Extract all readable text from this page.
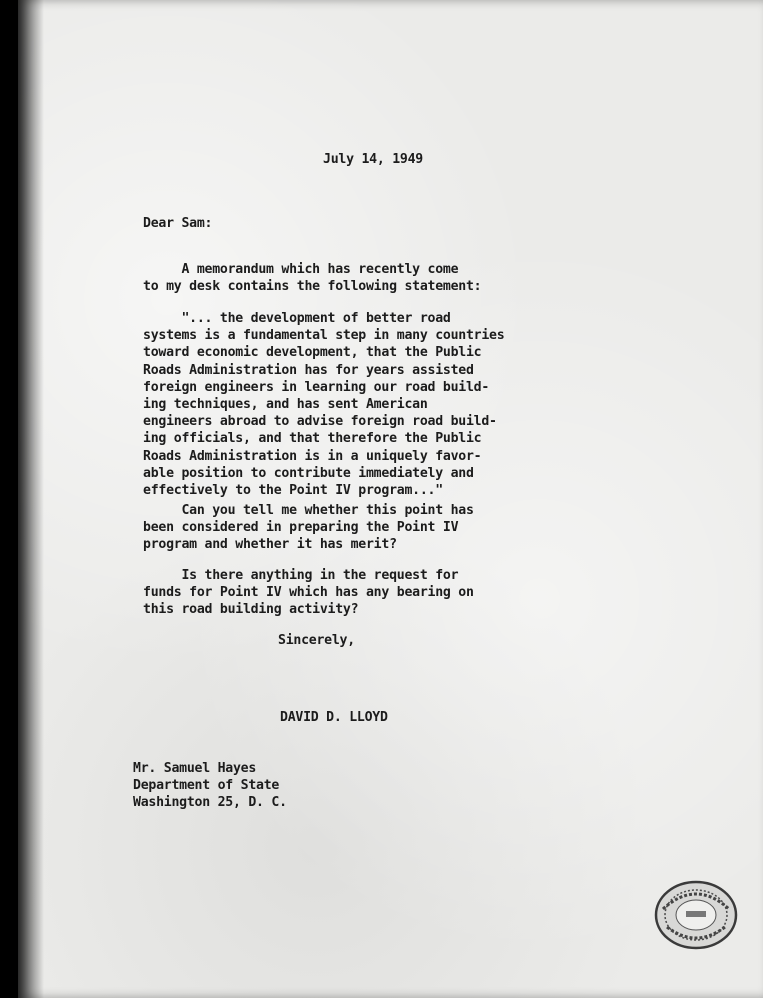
July 14, 1949
Dear Sam:
A memorandum which has recently come
to my desk contains the following statement:
"... the development of better road
systems is a fundamental step in many countries
toward economic development, that the Public
Roads Administration has for years assisted
foreign engineers in learning our road build-
ing techniques, and has sent American
engineers abroad to advise foreign road build-
ing officials, and that therefore the Public
Roads Administration is in a uniquely favor-
able position to contribute immediately and
effectively to the Point IV program..."
Can you tell me whether this point has
been considered in preparing the Point IV
program and whether it has merit?
Is there anything in the request for
funds for Point IV which has any bearing on
this road building activity?
Sincerely,
DAVID D. LLOYD
Mr. Samuel Hayes
Department of State
Washington 25, D. C.
